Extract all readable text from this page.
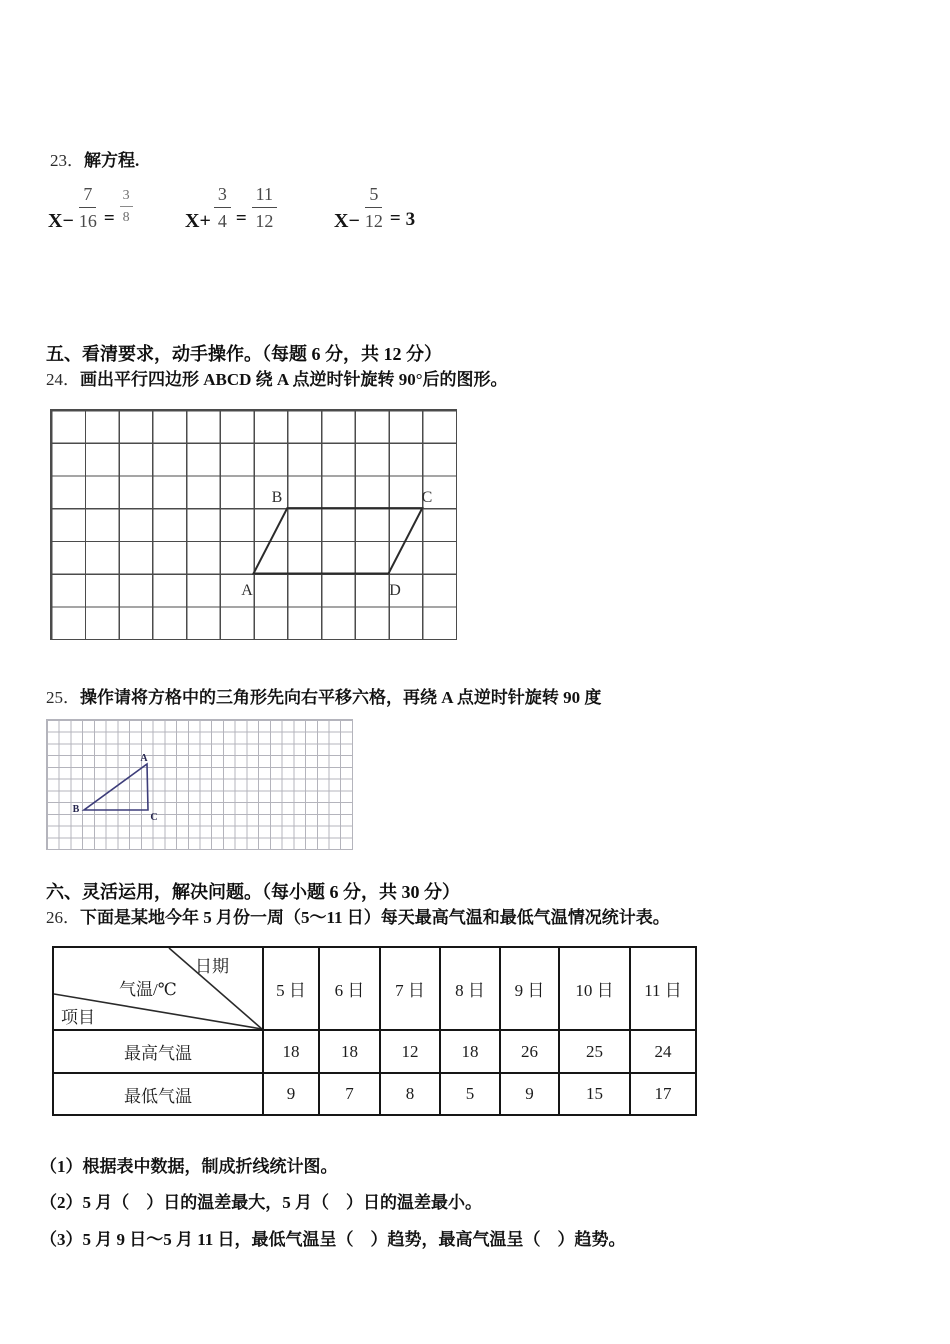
23．解方程.
$X- \frac{7}{16} = \frac{3}{8}$	$X+ \frac{3}{4} = \frac{11}{12}$	$X- \frac{5}{12} = 3$
五、看清要求，动手操作。（每题 6 分，共 12 分）
24．画出平行四边形 ABCD 绕 A 点逆时针旋转 90°后的图形。
B	C
A	D
25．操作请将方格中的三角形先向右平移六格，再绕 A 点逆时针旋转 90 度
A
B
C
六、灵活运用，解决问题。（每小题 6 分，共 30 分）
26．下面是某地今年 5 月份一周（5～11 日）每天最高气温和最低气温情况统计表。
日期
气温/℃
项目
5 日	6 日	7 日	8 日	9 日	10 日	11 日
最高气温	18	18	12	18	26	25	24
最低气温	9	7	8	5	9	15	17
（1）根据表中数据，制成折线统计图。
（2）5 月（　）日的温差最大，5 月（　）日的温差最小。
（3）5 月 9 日～5 月 11 日，最低气温呈（　）趋势，最高气温呈（　）趋势。
